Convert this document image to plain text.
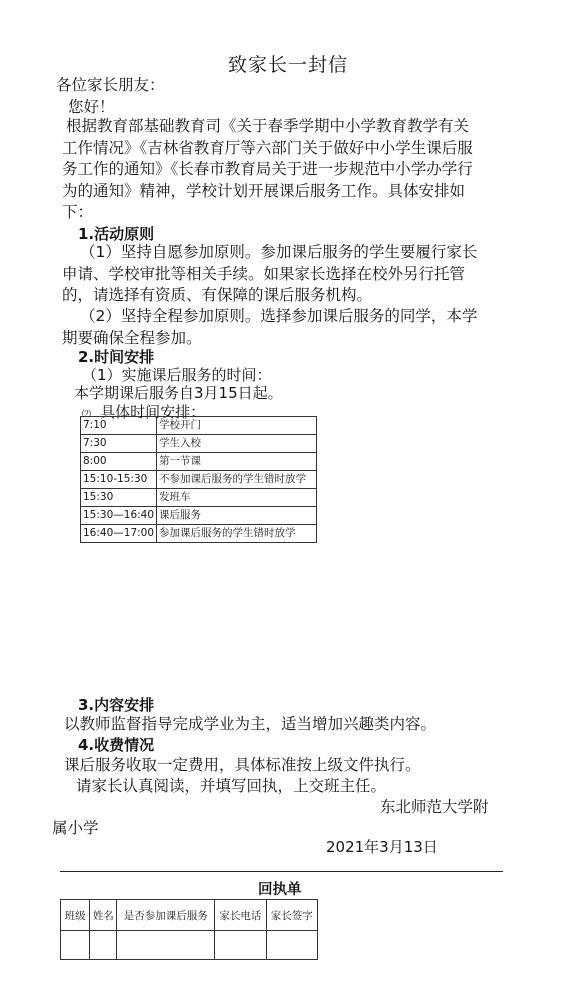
致家长一封信
各位家长朋友：
您好！
根据教育部基础教育司《关于春季学期中小学教育教学有关
工作情况》《吉林省教育厅等六部门关于做好中小学生课后服
务工作的通知》《长春市教育局关于进一步规范中小学办学行
为的通知》精神，学校计划开展课后服务工作。具体安排如
下：
1.活动原则
（1）坚持自愿参加原则。参加课后服务的学生要履行家长
申请、学校审批等相关手续。如果家长选择在校外另行托管
的，请选择有资质、有保障的课后服务机构。
（2）坚持全程参加原则。选择参加课后服务的同学，本学
期要确保全程参加。
2.时间安排
（1）实施课后服务的时间：
本学期课后服务自3月15日起。
⑵ 具体时间安排：
7:10	学校开门
7:30	学生入校
8:00	第一节课
15:10-15:30	不参加课后服务的学生错时放学
15:30	发班车
15:30—16:40	课后服务
16:40—17:00	参加课后服务的学生错时放学
3.内容安排
以教师监督指导完成学业为主，适当增加兴趣类内容。
4.收费情况
课后服务收取一定费用，具体标准按上级文件执行。
请家长认真阅读，并填写回执，上交班主任。
东北师范大学附
属小学
2021年3月13日
回执单
班级	姓名	是否参加课后服务	家长电话	家长签字
